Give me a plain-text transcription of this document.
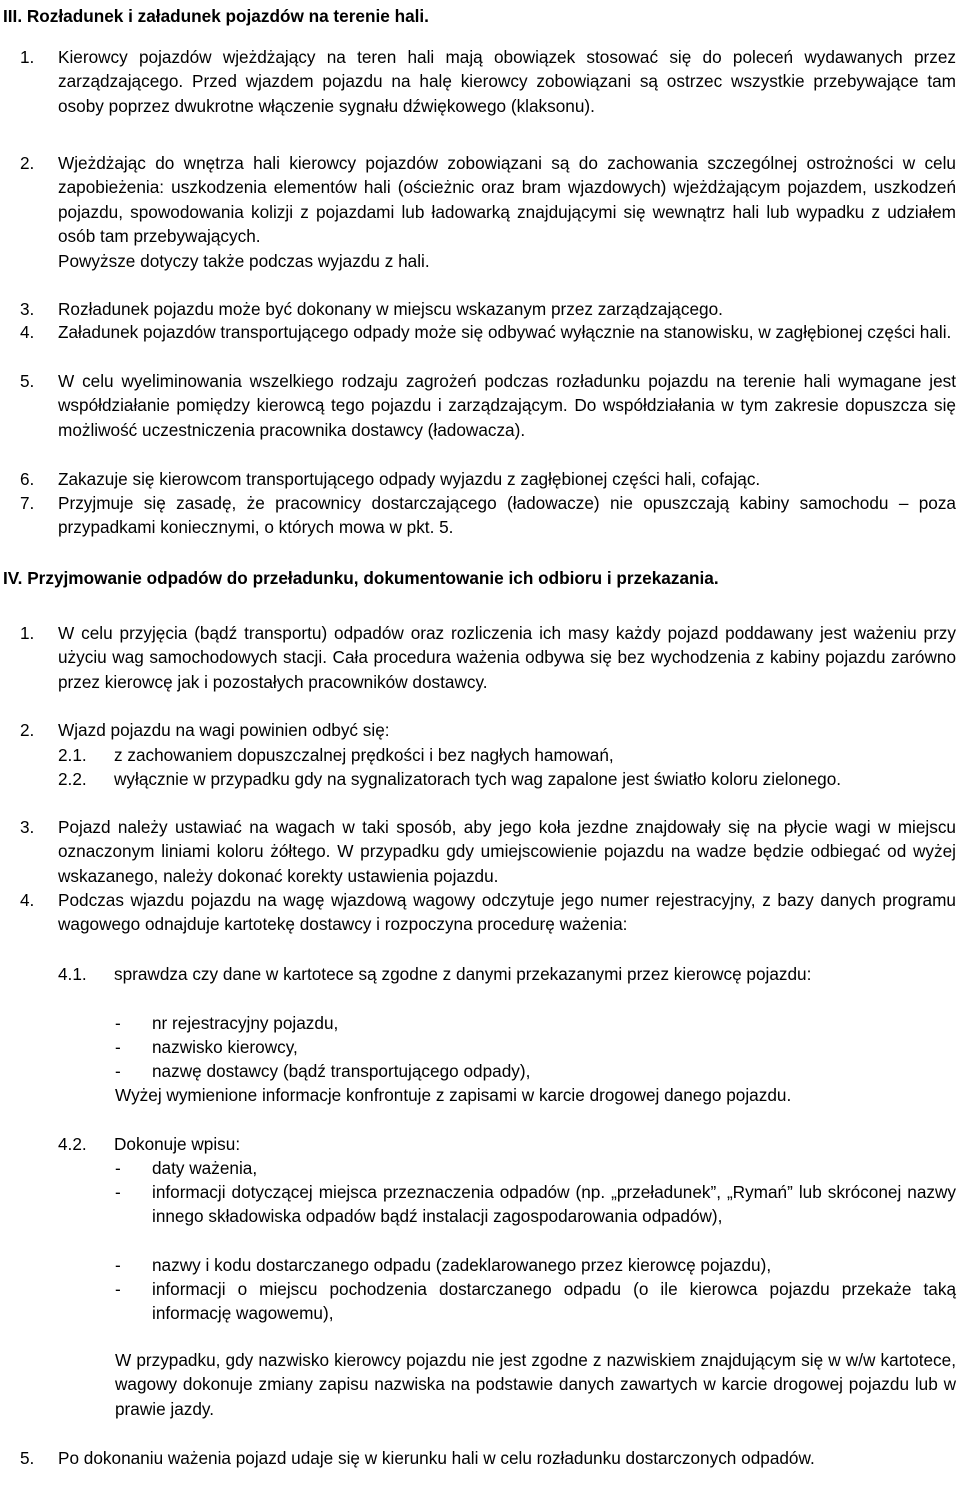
III. Rozładunek i załadunek pojazdów na terenie hali.
1. Kierowcy pojazdów wjeżdżający na teren hali mają obowiązek stosować się do poleceń wydawanych przez zarządzającego. Przed wjazdem pojazdu na halę kierowcy zobowiązani są ostrzec wszystkie przebywające tam osoby poprzez dwukrotne włączenie sygnału dźwiękowego (klaksonu).
2. Wjeżdżając do wnętrza hali kierowcy pojazdów zobowiązani są do zachowania szczególnej ostrożności w celu zapobieżenia: uszkodzenia elementów hali (ościeżnic oraz bram wjazdowych) wjeżdżającym pojazdem, uszkodzeń pojazdu, spowodowania kolizji z pojazdami lub ładowarką znajdującymi się wewnątrz hali lub wypadku z udziałem osób tam przebywających.
Powyższe dotyczy także podczas wyjazdu z hali.
3. Rozładunek pojazdu może być dokonany w miejscu wskazanym przez zarządzającego.
4. Załadunek pojazdów transportującego odpady może się odbywać wyłącznie na stanowisku, w zagłębionej części hali.
5. W celu wyeliminowania wszelkiego rodzaju zagrożeń podczas rozładunku pojazdu na terenie hali wymagane jest współdziałanie pomiędzy kierowcą tego pojazdu i zarządzającym. Do współdziałania w tym zakresie dopuszcza się możliwość uczestniczenia pracownika dostawcy (ładowacza).
6. Zakazuje się kierowcom transportującego odpady wyjazdu z zagłębionej części hali, cofając.
7. Przyjmuje się zasadę, że pracownicy dostarczającego (ładowacze) nie opuszczają kabiny samochodu – poza przypadkami koniecznymi, o których mowa w pkt. 5.
IV. Przyjmowanie odpadów do przeładunku, dokumentowanie ich odbioru i przekazania.
1. W celu przyjęcia (bądź transportu) odpadów oraz rozliczenia ich masy każdy pojazd poddawany jest ważeniu przy użyciu wag samochodowych stacji. Cała procedura ważenia odbywa się bez wychodzenia z kabiny pojazdu zarówno przez kierowcę jak i pozostałych pracowników dostawcy.
2. Wjazd pojazdu na wagi powinien odbyć się:
2.1. z zachowaniem dopuszczalnej prędkości i bez nagłych hamowań,
2.2. wyłącznie w przypadku gdy na sygnalizatorach tych wag zapalone jest światło koloru zielonego.
3. Pojazd należy ustawiać na wagach w taki sposób, aby jego koła jezdne znajdowały się na płycie wagi w miejscu oznaczonym liniami koloru żółtego. W przypadku gdy umiejscowienie pojazdu na wadze będzie odbiegać od wyżej wskazanego, należy dokonać korekty ustawienia pojazdu.
4. Podczas wjazdu pojazdu na wagę wjazdową wagowy odczytuje jego numer rejestracyjny, z bazy danych programu wagowego odnajduje kartotekę dostawcy i rozpoczyna procedurę ważenia:
4.1. sprawdza czy dane w kartotece są zgodne z danymi przekazanymi przez kierowcę pojazdu:
- nr rejestracyjny pojazdu,
- nazwisko kierowcy,
- nazwę dostawcy (bądź transportującego odpady),
Wyżej wymienione informacje konfrontuje z zapisami w karcie drogowej danego pojazdu.
4.2. Dokonuje wpisu:
- daty ważenia,
- informacji dotyczącej miejsca przeznaczenia odpadów (np. „przeładunek”, „Rymań” lub skróconej nazwy innego składowiska odpadów bądź instalacji zagospodarowania odpadów),
- nazwy i kodu dostarczanego odpadu (zadeklarowanego przez kierowcę pojazdu),
- informacji o miejscu pochodzenia dostarczanego odpadu (o ile kierowca pojazdu przekaże taką informację wagowemu),
W przypadku, gdy nazwisko kierowcy pojazdu nie jest zgodne z nazwiskiem znajdującym się w w/w kartotece, wagowy dokonuje zmiany zapisu nazwiska na podstawie danych zawartych w karcie drogowej pojazdu lub w prawie jazdy.
5. Po dokonaniu ważenia pojazd udaje się w kierunku hali w celu rozładunku dostarczonych odpadów.
